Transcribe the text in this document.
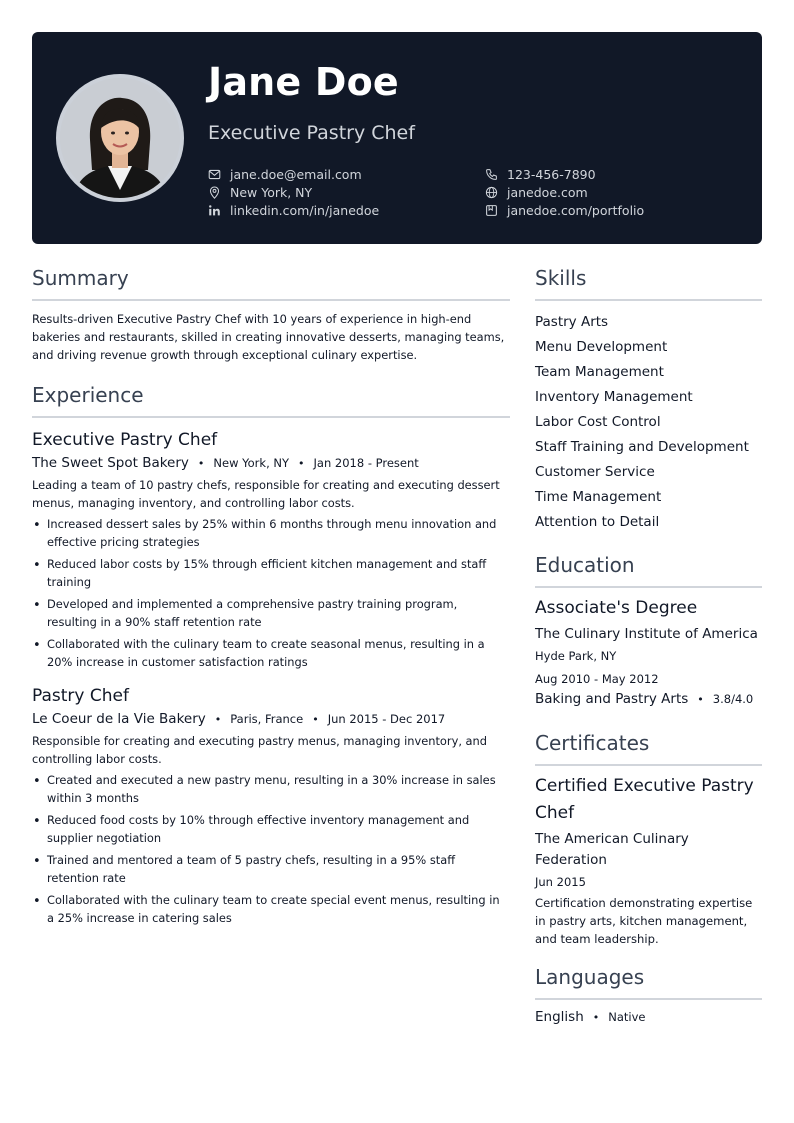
Jane Doe
Executive Pastry Chef
jane.doe@email.com	123-456-7890
New York, NY	janedoe.com
linkedin.com/in/janedoe	janedoe.com/portfolio
Summary

Results-driven Executive Pastry Chef with 10 years of experience in high-end bakeries and restaurants, skilled in creating innovative desserts, managing teams, and driving revenue growth through exceptional culinary expertise.

Experience
Executive Pastry Chef
The Sweet Spot Bakery • New York, NY • Jan 2018 - Present

Leading a team of 10 pastry chefs, responsible for creating and executing dessert menus, managing inventory, and controlling labor costs.

• Increased dessert sales by 25% within 6 months through menu innovation and effective pricing strategies
• Reduced labor costs by 15% through efficient kitchen management and staff training
• Developed and implemented a comprehensive pastry training program, resulting in a 90% staff retention rate
• Collaborated with the culinary team to create seasonal menus, resulting in a 20% increase in customer satisfaction ratings
Pastry Chef
Le Coeur de la Vie Bakery • Paris, France • Jun 2015 - Dec 2017

Responsible for creating and executing pastry menus, managing inventory, and controlling labor costs.

• Created and executed a new pastry menu, resulting in a 30% increase in sales within 3 months
• Reduced food costs by 10% through effective inventory management and supplier negotiation
• Trained and mentored a team of 5 pastry chefs, resulting in a 95% staff retention rate
• Collaborated with the culinary team to create special event menus, resulting in a 25% increase in catering sales
Skills
Pastry Arts
Menu Development
Team Management
Inventory Management
Labor Cost Control
Staff Training and Development
Customer Service
Time Management
Attention to Detail
Education
Associate's Degree
The Culinary Institute of America
Hyde Park, NY
Aug 2010 - May 2012
Baking and Pastry Arts • 3.8/4.0
Certificates
Certified Executive Pastry Chef
The American Culinary Federation
Jun 2015

Certification demonstrating expertise in pastry arts, kitchen management, and team leadership.

Languages
English • Native
